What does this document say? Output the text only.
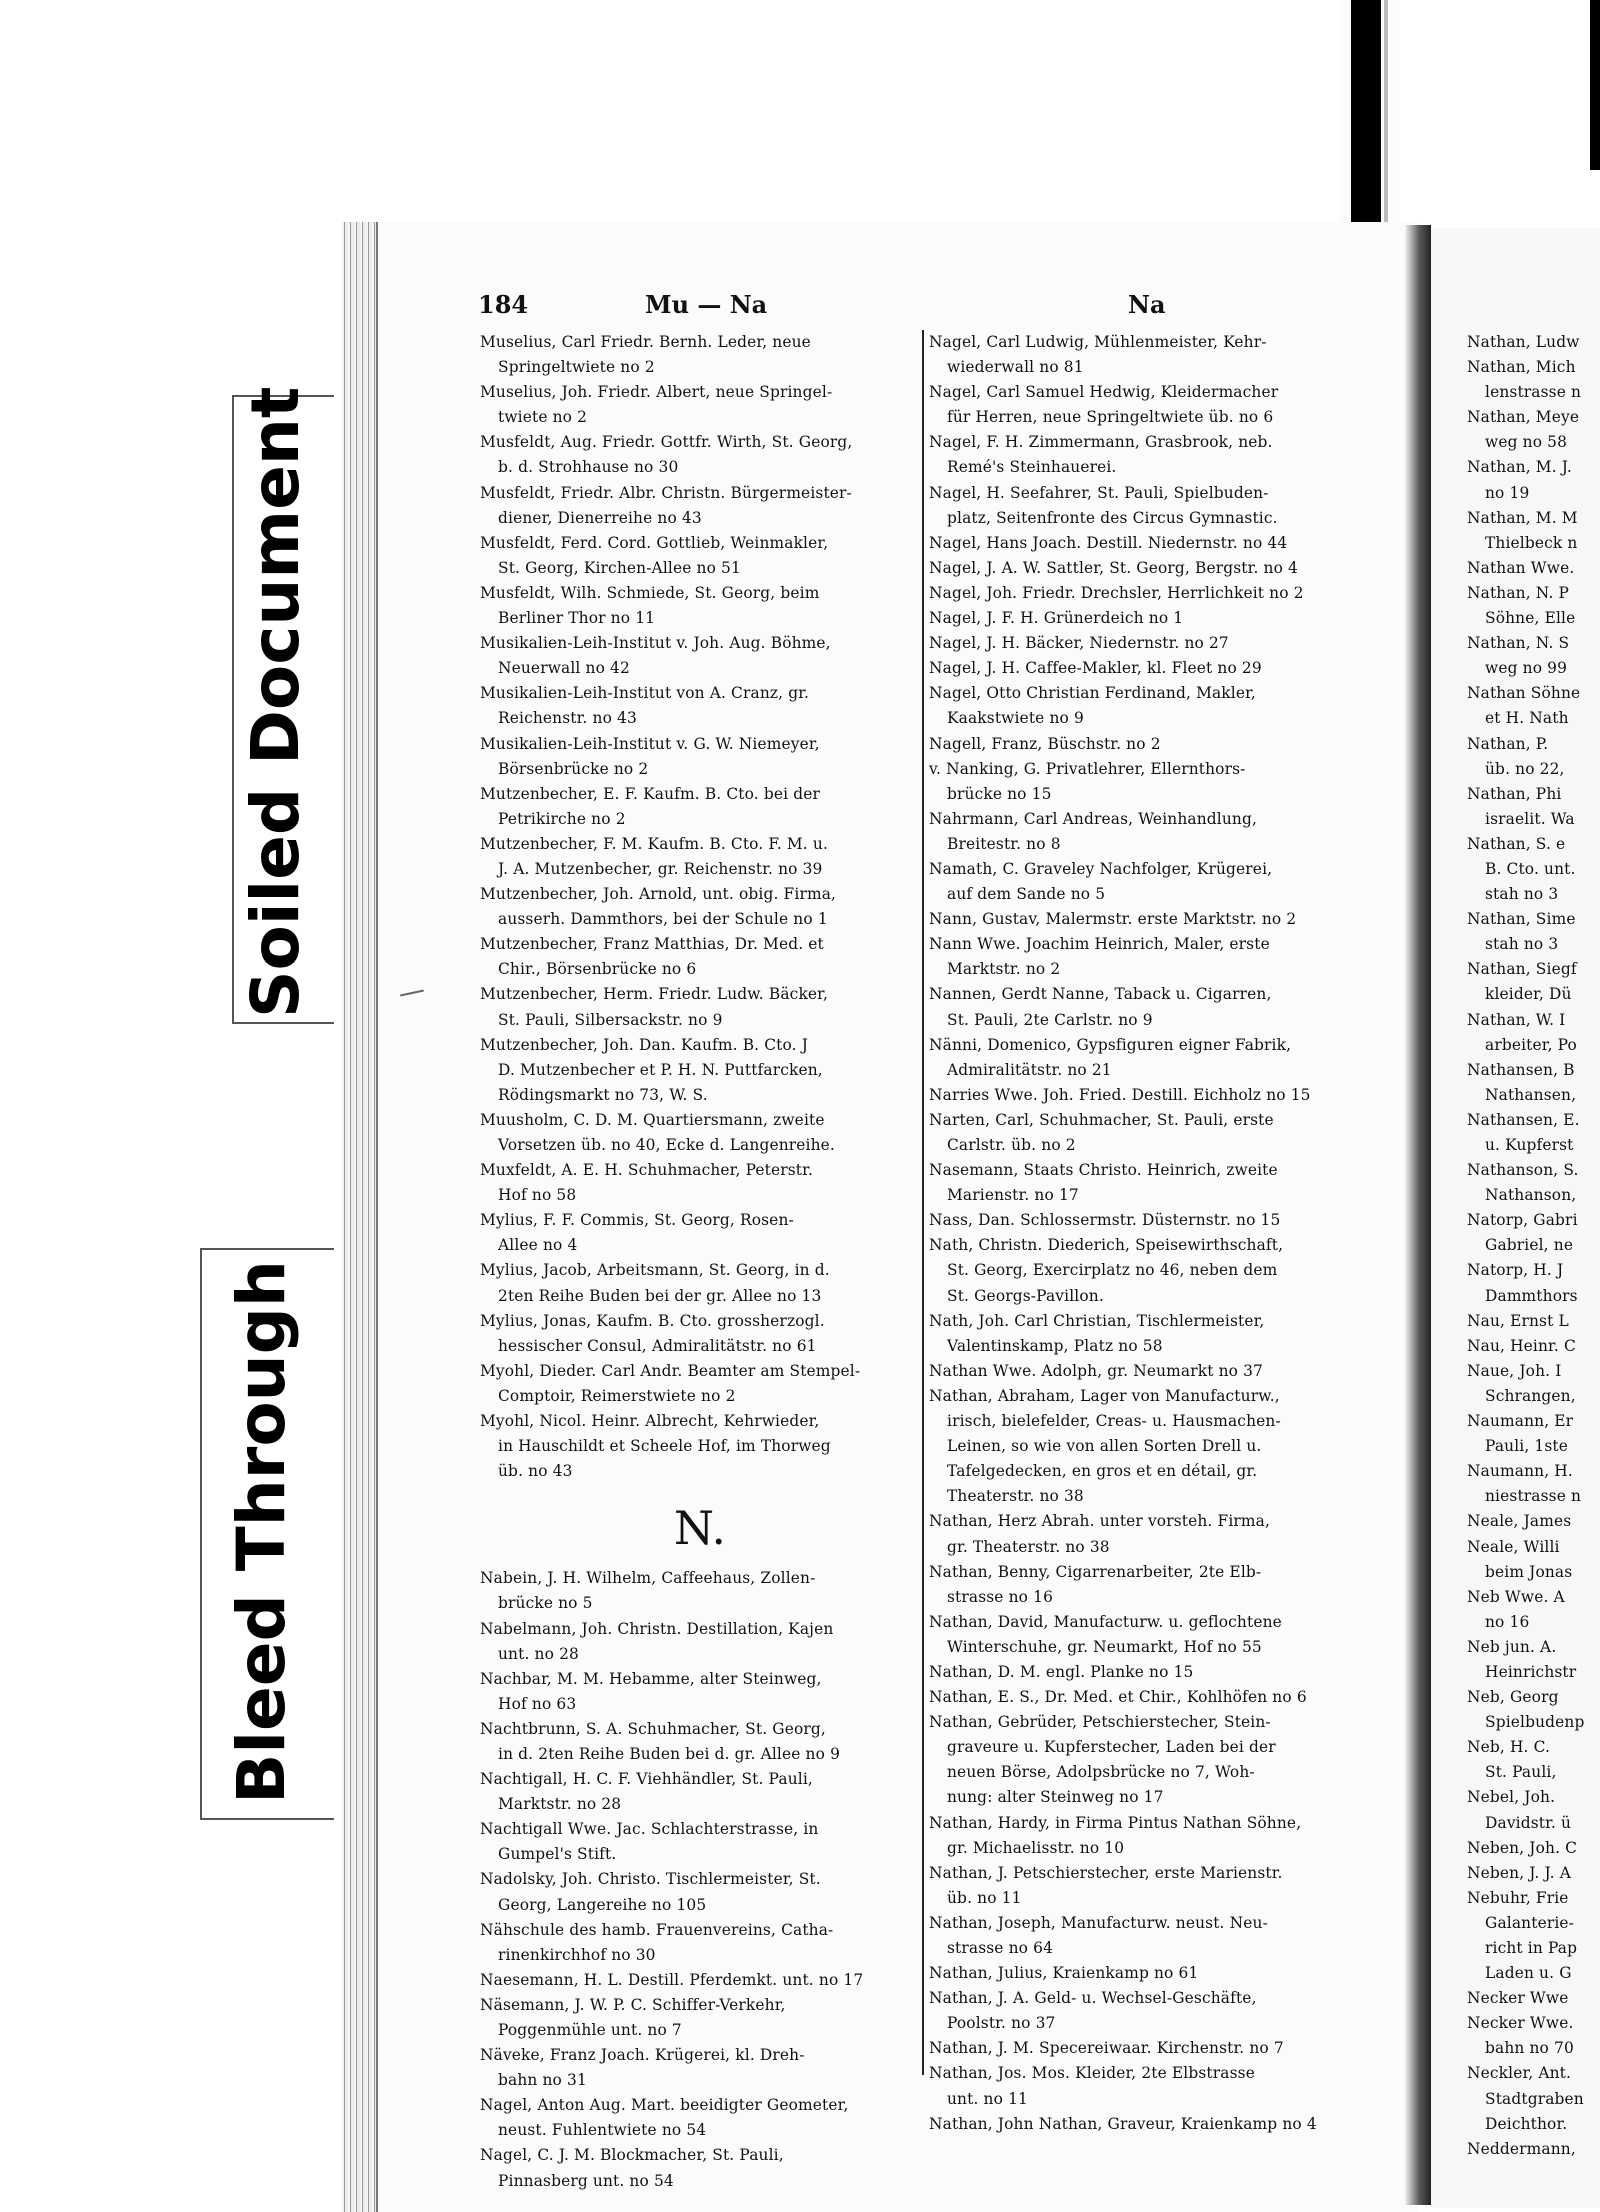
Soiled Document
Bleed Through
184	Mu — Na	Na
Muselius, Carl Friedr. Bernh. Leder, neue
Springeltwiete no 2
Muselius, Joh. Friedr. Albert, neue Springel-
twiete no 2
Musfeldt, Aug. Friedr. Gottfr. Wirth, St. Georg,
b. d. Strohhause no 30
Musfeldt, Friedr. Albr. Christn. Bürgermeister-
diener, Dienerreihe no 43
Musfeldt, Ferd. Cord. Gottlieb, Weinmakler,
St. Georg, Kirchen-Allee no 51
Musfeldt, Wilh. Schmiede, St. Georg, beim
Berliner Thor no 11
Musikalien-Leih-Institut v. Joh. Aug. Böhme,
Neuerwall no 42
Musikalien-Leih-Institut von A. Cranz, gr.
Reichenstr. no 43
Musikalien-Leih-Institut v. G. W. Niemeyer,
Börsenbrücke no 2
Mutzenbecher, E. F. Kaufm. B. Cto. bei der
Petrikirche no 2
Mutzenbecher, F. M. Kaufm. B. Cto. F. M. u.
J. A. Mutzenbecher, gr. Reichenstr. no 39
Mutzenbecher, Joh. Arnold, unt. obig. Firma,
ausserh. Dammthors, bei der Schule no 1
Mutzenbecher, Franz Matthias, Dr. Med. et
Chir., Börsenbrücke no 6
Mutzenbecher, Herm. Friedr. Ludw. Bäcker,
St. Pauli, Silbersackstr. no 9
Mutzenbecher, Joh. Dan. Kaufm. B. Cto. J
D. Mutzenbecher et P. H. N. Puttfarcken,
Rödingsmarkt no 73, W. S.
Muusholm, C. D. M. Quartiersmann, zweite
Vorsetzen üb. no 40, Ecke d. Langenreihe.
Muxfeldt, A. E. H. Schuhmacher, Peterstr.
Hof no 58
Mylius, F. F. Commis, St. Georg, Rosen-
Allee no 4
Mylius, Jacob, Arbeitsmann, St. Georg, in d.
2ten Reihe Buden bei der gr. Allee no 13
Mylius, Jonas, Kaufm. B. Cto. grossherzogl.
hessischer Consul, Admiralitätstr. no 61
Myohl, Dieder. Carl Andr. Beamter am Stempel-
Comptoir, Reimerstwiete no 2
Myohl, Nicol. Heinr. Albrecht, Kehrwieder,
in Hauschildt et Scheele Hof, im Thorweg
üb. no 43
N.
Nabein, J. H. Wilhelm, Caffeehaus, Zollen-
brücke no 5
Nabelmann, Joh. Christn. Destillation, Kajen
unt. no 28
Nachbar, M. M. Hebamme, alter Steinweg,
Hof no 63
Nachtbrunn, S. A. Schuhmacher, St. Georg,
in d. 2ten Reihe Buden bei d. gr. Allee no 9
Nachtigall, H. C. F. Viehhändler, St. Pauli,
Marktstr. no 28
Nachtigall Wwe. Jac. Schlachterstrasse, in
Gumpel's Stift.
Nadolsky, Joh. Christo. Tischlermeister, St.
Georg, Langereihe no 105
Nähschule des hamb. Frauenvereins, Catha-
rinenkirchhof no 30
Naesemann, H. L. Destill. Pferdemkt. unt. no 17
Näsemann, J. W. P. C. Schiffer-Verkehr,
Poggenmühle unt. no 7
Näveke, Franz Joach. Krügerei, kl. Dreh-
bahn no 31
Nagel, Anton Aug. Mart. beeidigter Geometer,
neust. Fuhlentwiete no 54
Nagel, C. J. M. Blockmacher, St. Pauli,
Pinnasberg unt. no 54
Nagel, Carl Ludwig, Mühlenmeister, Kehr-
wiederwall no 81
Nagel, Carl Samuel Hedwig, Kleidermacher
für Herren, neue Springeltwiete üb. no 6
Nagel, F. H. Zimmermann, Grasbrook, neb.
Remé's Steinhauerei.
Nagel, H. Seefahrer, St. Pauli, Spielbuden-
platz, Seitenfronte des Circus Gymnastic.
Nagel, Hans Joach. Destill. Niedernstr. no 44
Nagel, J. A. W. Sattler, St. Georg, Bergstr. no 4
Nagel, Joh. Friedr. Drechsler, Herrlichkeit no 2
Nagel, J. F. H. Grünerdeich no 1
Nagel, J. H. Bäcker, Niedernstr. no 27
Nagel, J. H. Caffee-Makler, kl. Fleet no 29
Nagel, Otto Christian Ferdinand, Makler,
Kaakstwiete no 9
Nagell, Franz, Büschstr. no 2
v. Nanking, G. Privatlehrer, Ellernthors-
brücke no 15
Nahrmann, Carl Andreas, Weinhandlung,
Breitestr. no 8
Namath, C. Graveley Nachfolger, Krügerei,
auf dem Sande no 5
Nann, Gustav, Malermstr. erste Marktstr. no 2
Nann Wwe. Joachim Heinrich, Maler, erste
Marktstr. no 2
Nannen, Gerdt Nanne, Taback u. Cigarren,
St. Pauli, 2te Carlstr. no 9
Nänni, Domenico, Gypsfiguren eigner Fabrik,
Admiralitätstr. no 21
Narries Wwe. Joh. Fried. Destill. Eichholz no 15
Narten, Carl, Schuhmacher, St. Pauli, erste
Carlstr. üb. no 2
Nasemann, Staats Christo. Heinrich, zweite
Marienstr. no 17
Nass, Dan. Schlossermstr. Düsternstr. no 15
Nath, Christn. Diederich, Speisewirthschaft,
St. Georg, Exercirplatz no 46, neben dem
St. Georgs-Pavillon.
Nath, Joh. Carl Christian, Tischlermeister,
Valentinskamp, Platz no 58
Nathan Wwe. Adolph, gr. Neumarkt no 37
Nathan, Abraham, Lager von Manufacturw.,
irisch, bielefelder, Creas- u. Hausmachen-
Leinen, so wie von allen Sorten Drell u.
Tafelgedecken, en gros et en détail, gr.
Theaterstr. no 38
Nathan, Herz Abrah. unter vorsteh. Firma,
gr. Theaterstr. no 38
Nathan, Benny, Cigarrenarbeiter, 2te Elb-
strasse no 16
Nathan, David, Manufacturw. u. geflochtene
Winterschuhe, gr. Neumarkt, Hof no 55
Nathan, D. M. engl. Planke no 15
Nathan, E. S., Dr. Med. et Chir., Kohlhöfen no 6
Nathan, Gebrüder, Petschierstecher, Stein-
graveure u. Kupferstecher, Laden bei der
neuen Börse, Adolpsbrücke no 7, Woh-
nung: alter Steinweg no 17
Nathan, Hardy, in Firma Pintus Nathan Söhne,
gr. Michaelisstr. no 10
Nathan, J. Petschierstecher, erste Marienstr.
üb. no 11
Nathan, Joseph, Manufacturw. neust. Neu-
strasse no 64
Nathan, Julius, Kraienkamp no 61
Nathan, J. A. Geld- u. Wechsel-Geschäfte,
Poolstr. no 37
Nathan, J. M. Specereiwaar. Kirchenstr. no 7
Nathan, Jos. Mos. Kleider, 2te Elbstrasse
unt. no 11
Nathan, John Nathan, Graveur, Kraienkamp no 4
Nathan, Ludw
Nathan, Mich
lenstrasse n
Nathan, Meye
weg no 58
Nathan, M. J.
no 19
Nathan, M. M
Thielbeck n
Nathan Wwe.
Nathan, N. P
Söhne, Elle
Nathan, N. S
weg no 99
Nathan Söhne
et H. Nath
Nathan, P.
üb. no 22,
Nathan, Phi
israelit. Wa
Nathan, S. e
B. Cto. unt.
stah no 3
Nathan, Sime
stah no 3
Nathan, Siegf
kleider, Dü
Nathan, W. I
arbeiter, Po
Nathansen, B
Nathansen,
Nathansen, E.
u. Kupferst
Nathanson, S.
Nathanson,
Natorp, Gabri
Gabriel, ne
Natorp, H. J
Dammthors
Nau, Ernst L
Nau, Heinr. C
Naue, Joh. I
Schrangen,
Naumann, Er
Pauli, 1ste
Naumann, H.
niestrasse n
Neale, James
Neale, Willi
beim Jonas
Neb Wwe. A
no 16
Neb jun. A.
Heinrichstr
Neb, Georg
Spielbudenp
Neb, H. C.
St. Pauli,
Nebel, Joh.
Davidstr. ü
Neben, Joh. C
Neben, J. J. A
Nebuhr, Frie
Galanterie-
richt in Pap
Laden u. G
Necker Wwe
Necker Wwe.
bahn no 70
Neckler, Ant.
Stadtgraben
Deichthor.
Neddermann,
